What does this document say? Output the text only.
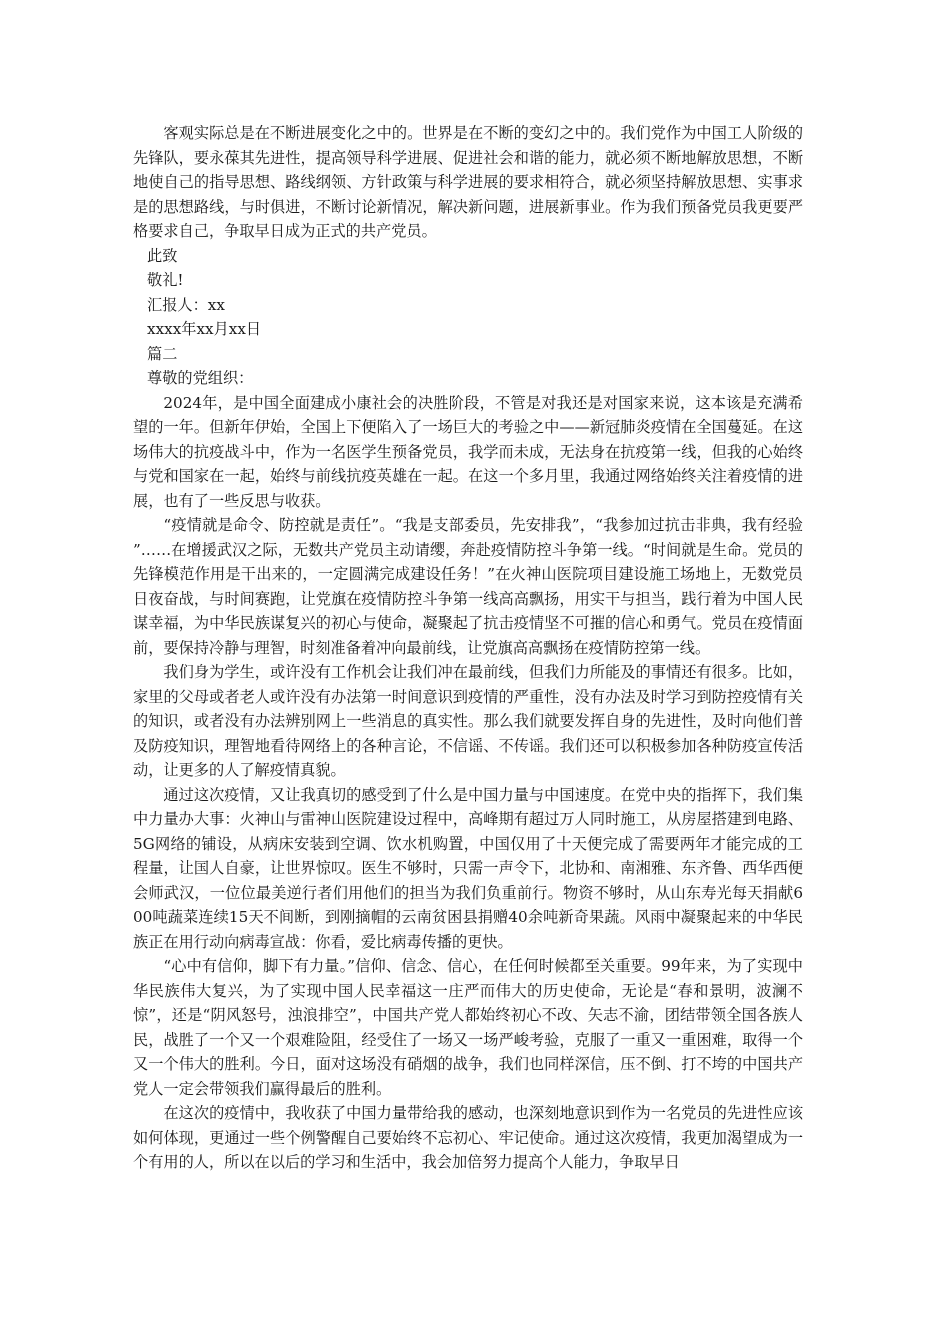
客观实际总是在不断进展变化之中的。世界是在不断的变幻之中的。我们党作为中国工人阶级的先锋队，要永葆其先进性，提高领导科学进展、促进社会和谐的能力，就必须不断地解放思想，不断地使自己的指导思想、路线纲领、方针政策与科学进展的要求相符合，就必须坚持解放思想、实事求是的思想路线，与时俱进，不断讨论新情况，解决新问题，进展新事业。作为我们预备党员我更要严格要求自己，争取早日成为正式的共产党员。

此致

敬礼!

汇报人：xx

xxxx年xx月xx日

篇二

尊敬的党组织：

2024年，是中国全面建成小康社会的决胜阶段，不管是对我还是对国家来说，这本该是充满希望的一年。但新年伊始，全国上下便陷入了一场巨大的考验之中——新冠肺炎疫情在全国蔓延。在这场伟大的抗疫战斗中，作为一名医学生预备党员，我学而未成，无法身在抗疫第一线，但我的心始终与党和国家在一起，始终与前线抗疫英雄在一起。在这一个多月里，我通过网络始终关注着疫情的进展，也有了一些反思与收获。

“疫情就是命令、防控就是责任”。“我是支部委员，先安排我”，“我参加过抗击非典，我有经验 ”……在增援武汉之际，无数共产党员主动请缨，奔赴疫情防控斗争第一线。“时间就是生命。党员的先锋模范作用是干出来的，一定圆满完成建设任务！”在火神山医院项目建设施工场地上，无数党员日夜奋战，与时间赛跑，让党旗在疫情防控斗争第一线高高飘扬，用实干与担当，践行着为中国人民谋幸福，为中华民族谋复兴的初心与使命，凝聚起了抗击疫情坚不可摧的信心和勇气。党员在疫情面前，要保持冷静与理智，时刻准备着冲向最前线，让党旗高高飘扬在疫情防控第一线。

我们身为学生，或许没有工作机会让我们冲在最前线，但我们力所能及的事情还有很多。比如，家里的父母或者老人或许没有办法第一时间意识到疫情的严重性，没有办法及时学习到防控疫情有关的知识，或者没有办法辨别网上一些消息的真实性。那么我们就要发挥自身的先进性，及时向他们普及防疫知识，理智地看待网络上的各种言论，不信谣、不传谣。我们还可以积极参加各种防疫宣传活动，让更多的人了解疫情真貌。

通过这次疫情，又让我真切的感受到了什么是中国力量与中国速度。在党中央的指挥下，我们集中力量办大事：火神山与雷神山医院建设过程中，高峰期有超过万人同时施工，从房屋搭建到电路、5G网络的铺设，从病床安装到空调、饮水机购置，中国仅用了十天便完成了需要两年才能完成的工程量，让国人自豪，让世界惊叹。医生不够时，只需一声令下，北协和、南湘雅、东齐鲁、西华西便会师武汉，一位位最美逆行者们用他们的担当为我们负重前行。物资不够时，从山东寿光每天捐献600吨蔬菜连续15天不间断，到刚摘帽的云南贫困县捐赠40余吨新奇果蔬。风雨中凝聚起来的中华民族正在用行动向病毒宣战：你看，爱比病毒传播的更快。

“心中有信仰，脚下有力量。”信仰、信念、信心，在任何时候都至关重要。99年来，为了实现中华民族伟大复兴，为了实现中国人民幸福这一庄严而伟大的历史使命，无论是“春和景明，波澜不惊”，还是“阴风怒号，浊浪排空”，中国共产党人都始终初心不改、矢志不渝，团结带领全国各族人民，战胜了一个又一个艰难险阻，经受住了一场又一场严峻考验，克服了一重又一重困难，取得一个又一个伟大的胜利。今日，面对这场没有硝烟的战争，我们也同样深信，压不倒、打不垮的中国共产党人一定会带领我们赢得最后的胜利。

在这次的疫情中，我收获了中国力量带给我的感动，也深刻地意识到作为一名党员的先进性应该如何体现，更通过一些个例警醒自己要始终不忘初心、牢记使命。通过这次疫情，我更加渴望成为一个有用的人，所以在以后的学习和生活中，我会加倍努力提高个人能力，争取早日
